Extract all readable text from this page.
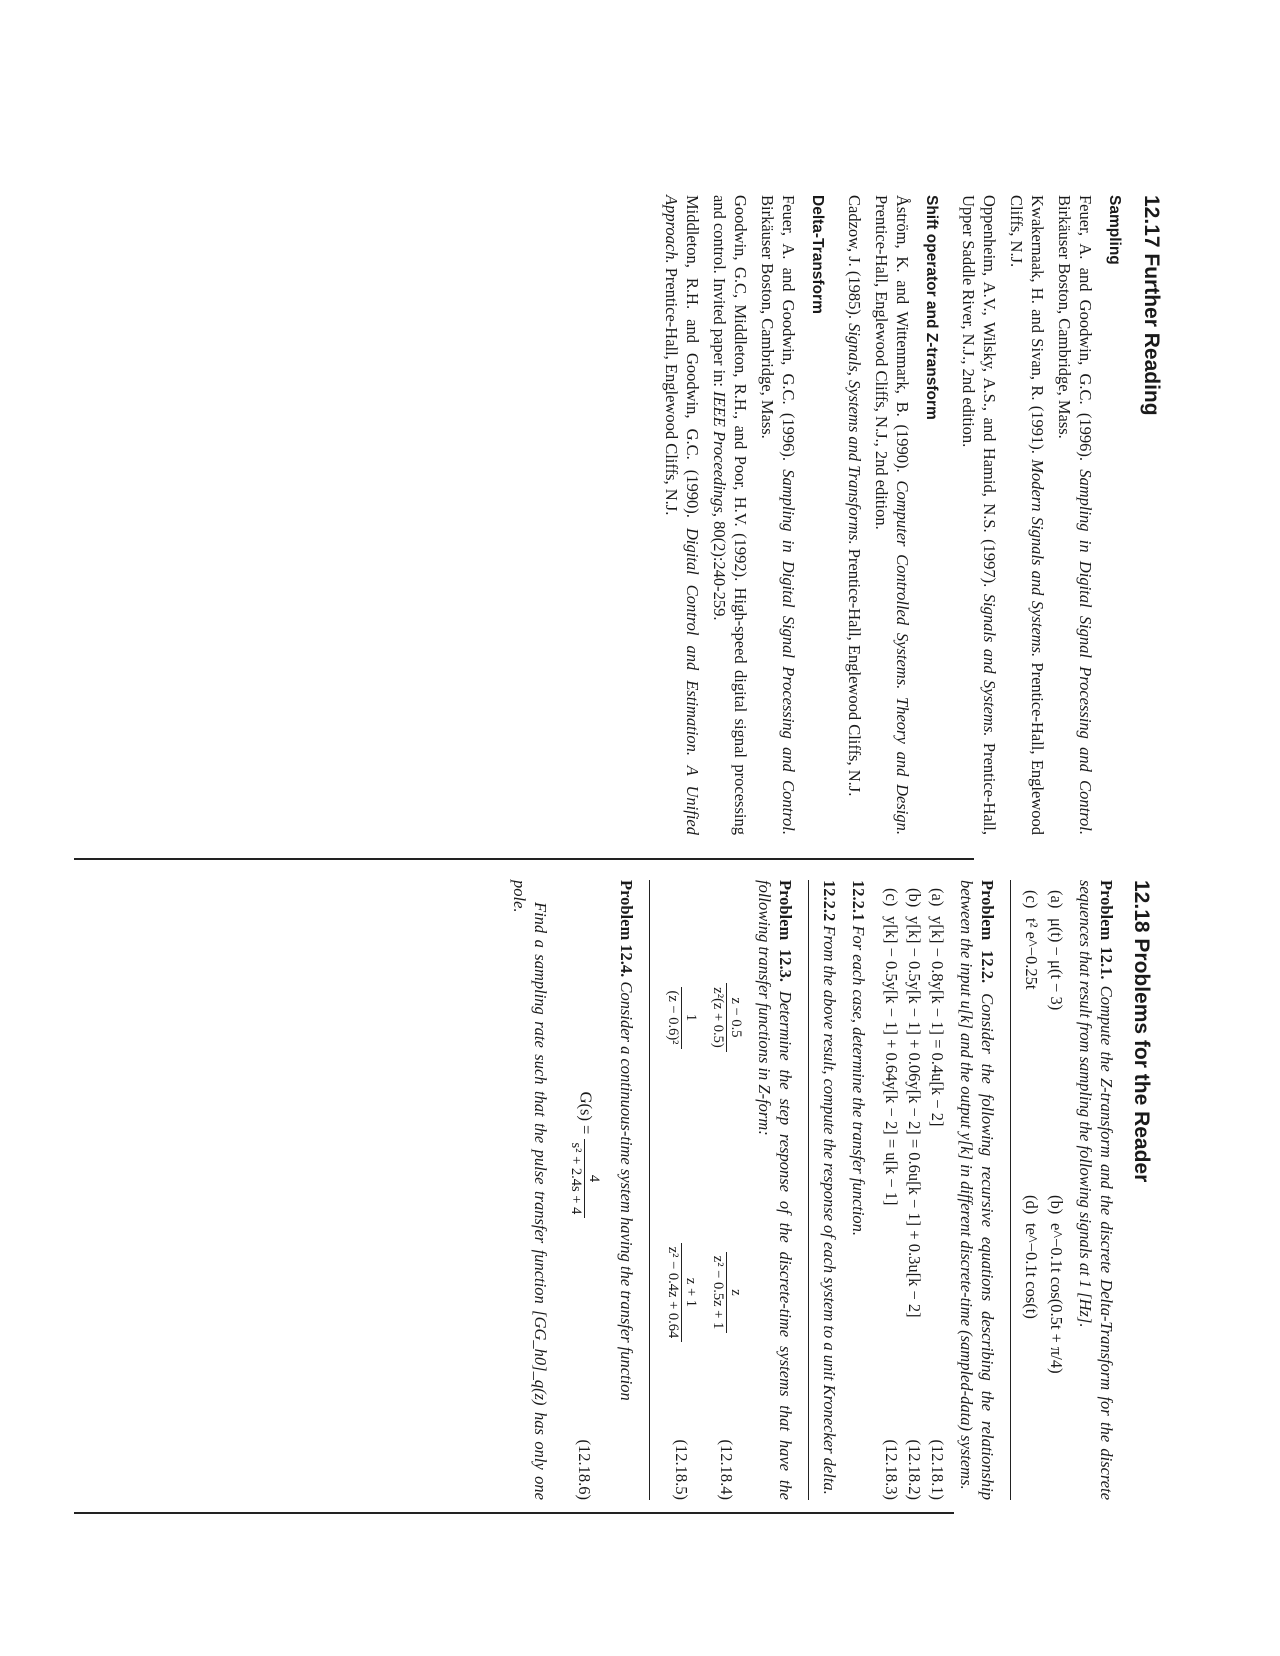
12.17 Further Reading
Sampling

Feuer, A. and Goodwin, G.C. (1996). Sampling in Digital Signal Processing and Control. Birkäuser Boston, Cambridge, Mass.

Kwakernaak, H. and Sivan, R. (1991). Modern Signals and Systems. Prentice-Hall, Englewood Cliffs, N.J.

Oppenheim, A.V., Wilsky, A.S., and Hamid, N.S. (1997). Signals and Systems. Prentice-Hall, Upper Saddle River, N.J., 2nd edition.

Shift operator and Z-transform

Åström, K. and Wittenmark, B. (1990). Computer Controlled Systems. Theory and Design. Prentice-Hall, Englewood Cliffs, N.J., 2nd edition.

Cadzow, J. (1985). Signals, Systems and Transforms. Prentice-Hall, Englewood Cliffs, N.J.

Delta-Transform

Feuer, A. and Goodwin, G.C. (1996). Sampling in Digital Signal Processing and Control. Birkäuser Boston, Cambridge, Mass.

Goodwin, G.C, Middleton, R.H., and Poor, H.V. (1992). High-speed digital signal processing and control. Invited paper in: IEEE Proceedings, 80(2):240-259.

Middleton, R.H. and Goodwin, G.C. (1990). Digital Control and Estimation. A Unified Approach. Prentice-Hall, Englewood Cliffs, N.J.

12.18 Problems for the Reader

Problem 12.1. Compute the Z-transform and the discrete Delta-Transform for the discrete sequences that result from sampling the following signals at 1 [Hz].

(a)
μ(t) − μ(t − 3)
(b)
e^−0.1t cos(0.5t + π/4)
(c)
t² e^−0.25t
(d)
te^−0.1t cos(t)

Problem 12.2. Consider the following recursive equations describing the relationship between the input u[k] and the output y[k] in different discrete-time (sampled-data) systems.

(a)
y[k] − 0.8y[k − 1] = 0.4u[k − 2]
(12.18.1)
(b)
y[k] − 0.5y[k − 1] + 0.06y[k − 2] = 0.6u[k − 1] + 0.3u[k − 2]
(12.18.2)
(c)
y[k] − 0.5y[k − 1] + 0.64y[k − 2] = u[k − 1]
(12.18.3)

12.2.1 For each case, determine the transfer function.

12.2.2 From the above result, compute the response of each system to a unit Kronecker delta.

Problem 12.3. Determine the step response of the discrete-time systems that have the following transfer functions in Z-form:

z − 0.5
z²(z + 0.5)
z
z² − 0.5z + 1
(12.18.4)
1
(z − 0.6)²
z + 1
z² − 0.4z + 0.64
(12.18.5)

Problem 12.4. Consider a continuous-time system having the transfer function

G(s) =
4
s² + 2.4s + 4
(12.18.6)

Find a sampling rate such that the pulse transfer function [GG_h0]_q(z) has only one pole.
